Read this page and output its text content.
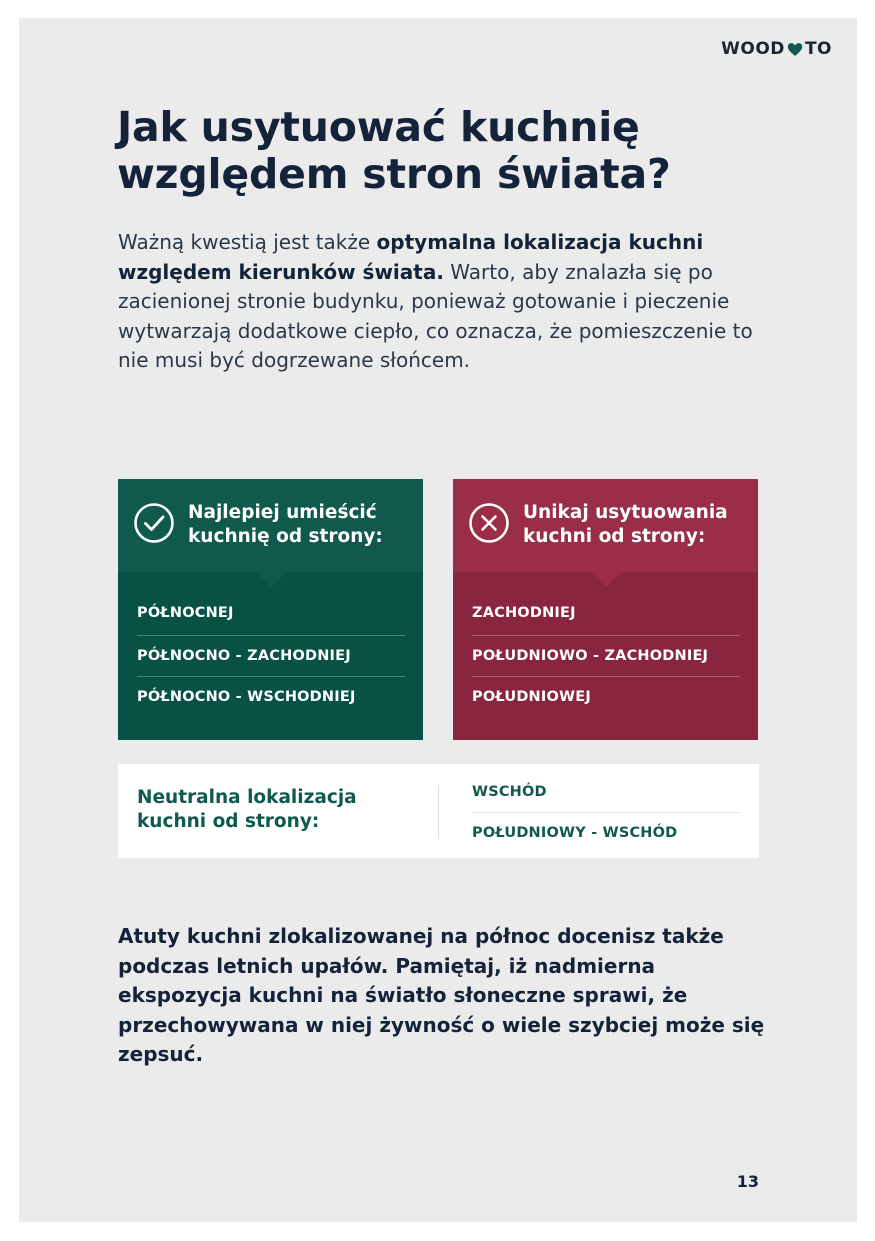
WOOD TO
Jak usytuować kuchnię względem stron świata?

Ważną kwestią jest także optymalna lokalizacja kuchni względem kierunków świata. Warto, aby znalazła się po zacienionej stronie budynku, ponieważ gotowanie i pieczenie wytwarzają dodatkowe ciepło, co oznacza, że pomieszczenie to nie musi być dogrzewane słońcem.

Najlepiej umieścić kuchnię od strony:
PÓŁNOCNEJ
PÓŁNOCNO - ZACHODNIEJ
PÓŁNOCNO - WSCHODNIEJ
Unikaj usytuowania kuchni od strony:
ZACHODNIEJ
POŁUDNIOWO - ZACHODNIEJ
POŁUDNIOWEJ
Neutralna lokalizacja kuchni od strony:
WSCHÓD
POŁUDNIOWY - WSCHÓD

Atuty kuchni zlokalizowanej na północ docenisz także podczas letnich upałów. Pamiętaj, iż nadmierna ekspozycja kuchni na światło słoneczne sprawi, że przechowywana w niej żywność o wiele szybciej może się zepsuć.

13
